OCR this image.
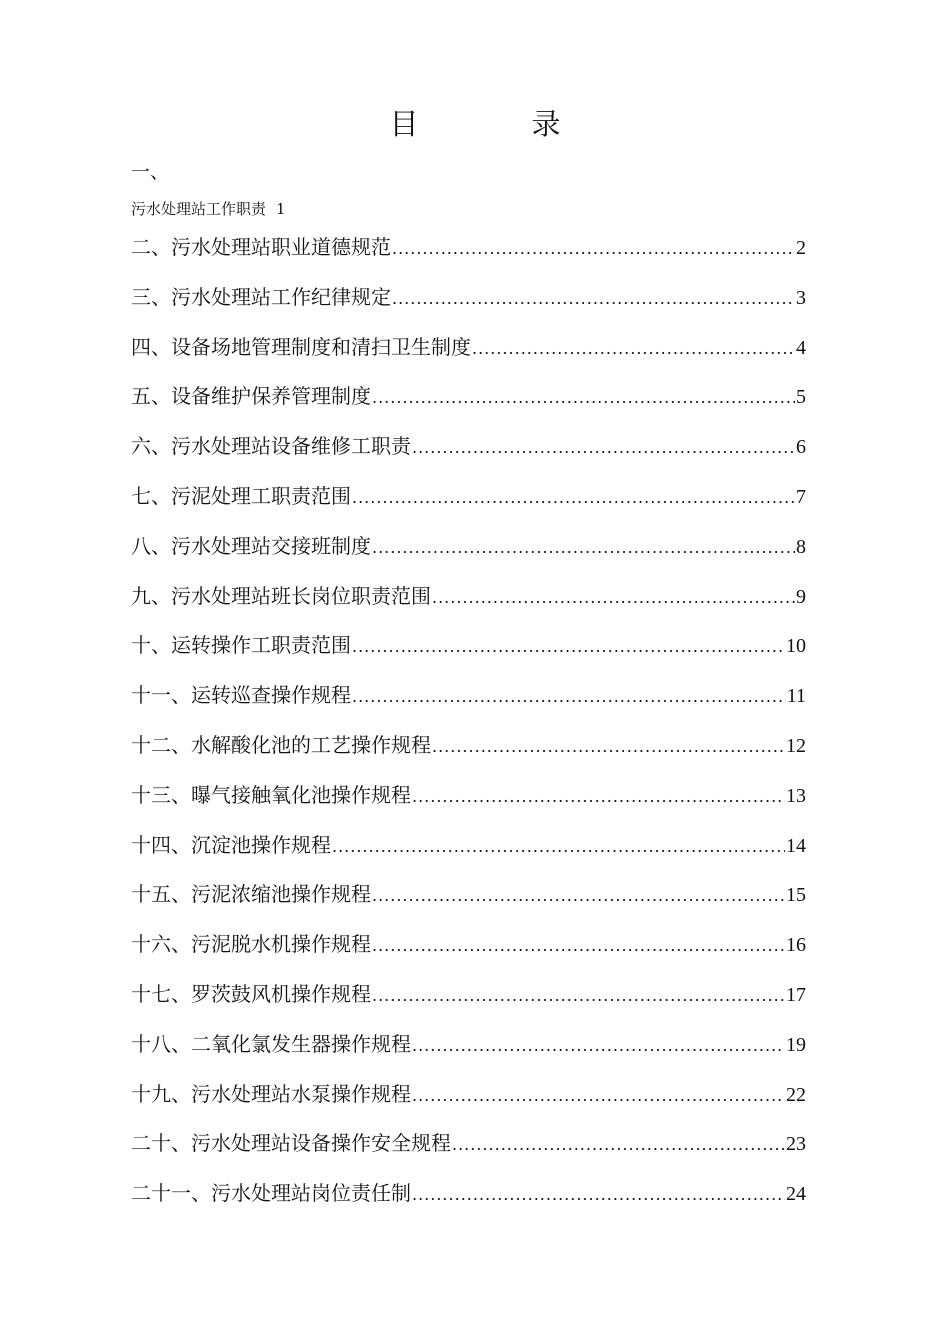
目　录
一、
污水处理站工作职责 1
二、污水处理站职业道德规范 .....	2
三、污水处理站工作纪律规定 .....	3
四、设备场地管理制度和清扫卫生制度 .....	4
五、设备维护保养管理制度 .....	5
六、污水处理站设备维修工职责 .....	6
七、污泥处理工职责范围 .....	7
八、污水处理站交接班制度 .....	8
九、污水处理站班长岗位职责范围 .....	9
十、运转操作工职责范围 .....	10
十一、运转巡查操作规程 .....	11
十二、水解酸化池的工艺操作规程 .....	12
十三、曝气接触氧化池操作规程 .....	13
十四、沉淀池操作规程 .....	14
十五、污泥浓缩池操作规程 .....	15
十六、污泥脱水机操作规程 .....	16
十七、罗茨鼓风机操作规程 .....	17
十八、二氧化氯发生器操作规程 .....	19
十九、污水处理站水泵操作规程 .....	22
二十、污水处理站设备操作安全规程 .....	23
二十一、污水处理站岗位责任制 .....	24
